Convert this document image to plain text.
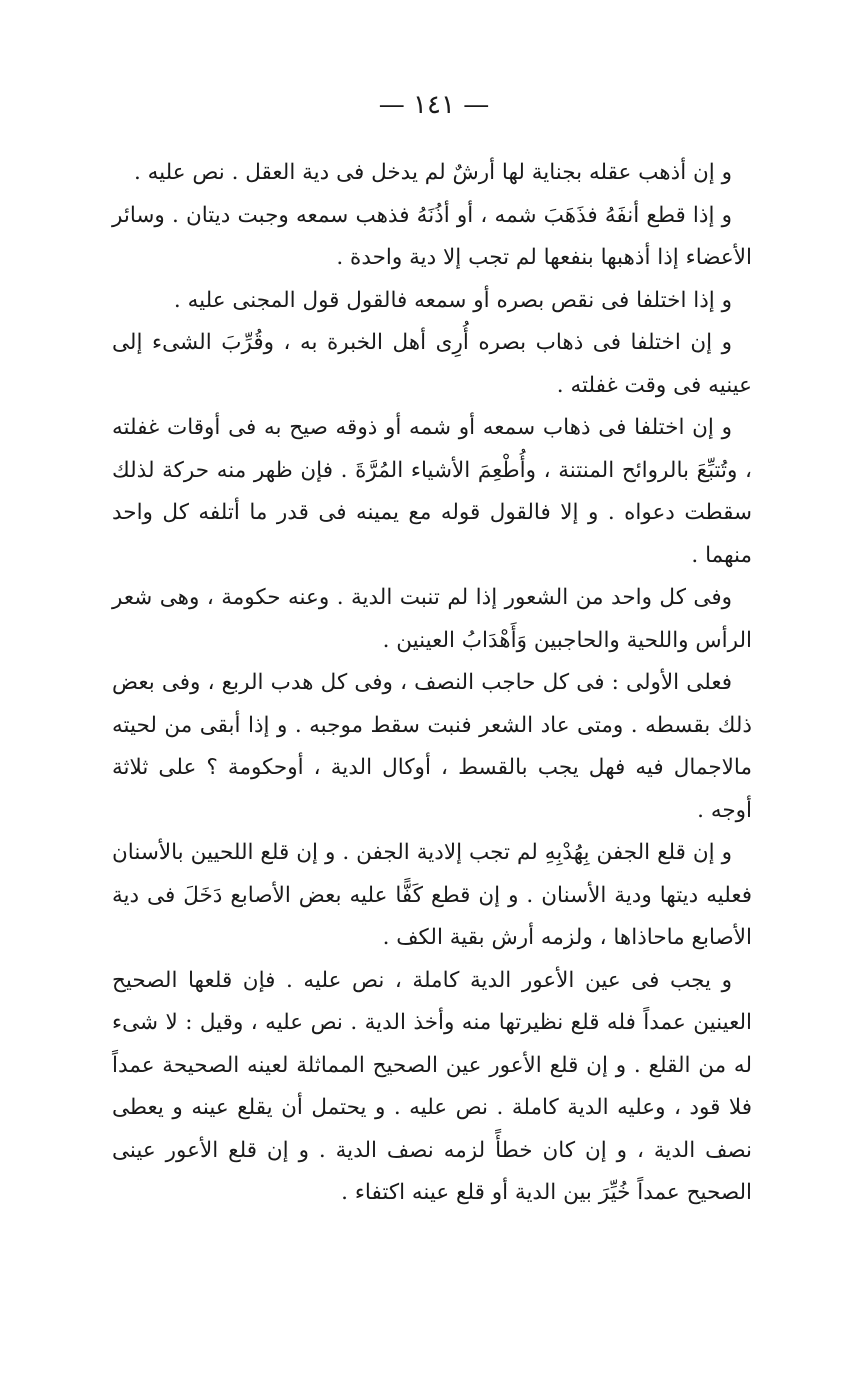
— ١٤١ —

و إن أذهب عقله بجناية لها أرشٌ لم يدخل فى دية العقل . نص عليه .

و إذا قطع أنفَهُ فذَهَبَ شمه ، أو أذُنَهُ فذهب سمعه وجبت ديتان . وسائر الأعضاء إذا أذهبها بنفعها لم تجب إلا دية واحدة .

و إذا اختلفا فى نقص بصره أو سمعه فالقول قول المجنى عليه .

و إن اختلفا فى ذهاب بصره أُرِى أهل الخبرة به ، وقُرِّبَ الشىء إلى عينيه فى وقت غفلته .

و إن اختلفا فى ذهاب سمعه أو شمه أو ذوقه صيح به فى أوقات غفلته ، وتُتبِّعَ بالروائح المنتنة ، وأُطْعِمَ الأشياء المُرَّةَ . فإن ظهر منه حركة لذلك سقطت دعواه . و إلا فالقول قوله مع يمينه فى قدر ما أتلفه كل واحد منهما .

وفى كل واحد من الشعور إذا لم تنبت الدية . وعنه حكومة ، وهى شعر الرأس واللحية والحاجبين وَأَهْدَابُ العينين .

فعلى الأولى : فى كل حاجب النصف ، وفى كل هدب الربع ، وفى بعض ذلك بقسطه . ومتى عاد الشعر فنبت سقط موجبه . و إذا أبقى من لحيته مالاجمال فيه فهل يجب بالقسط ، أوكال الدية ، أوحكومة ؟ على ثلاثة أوجه .

و إن قلع الجفن بِهُدْبِهِ لم تجب إلادية الجفن . و إن قلع اللحيين بالأسنان فعليه ديتها ودية الأسنان . و إن قطع كَفًّا عليه بعض الأصابع دَخَلَ فى دية الأصابع ماحاذاها ، ولزمه أرش بقية الكف .

و يجب فى عين الأعور الدية كاملة ، نص عليه . فإن قلعها الصحيح العينين عمداً فله قلع نظيرتها منه وأخذ الدية . نص عليه ، وقيل : لا شىء له من القلع . و إن قلع الأعور عين الصحيح المماثلة لعينه الصحيحة عمداً فلا قود ، وعليه الدية كاملة . نص عليه . و يحتمل أن يقلع عينه و يعطى نصف الدية ، و إن كان خطأً لزمه نصف الدية . و إن قلع الأعور عينى الصحيح عمداً خُيِّرَ بين الدية أو قلع عينه اكتفاء .
